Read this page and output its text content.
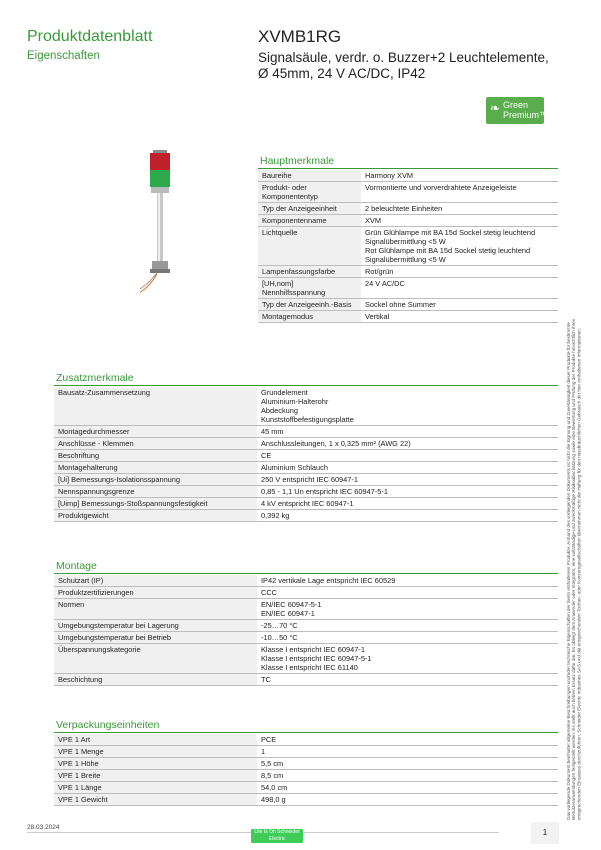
Produktdatenblatt
Eigenschaften
XVMB1RG
Signalsäule, verdr. o. Buzzer+2 Leuchtelemente, Ø 45mm, 24 V AC/DC, IP42
❧ Green
Premium™
Hauptmerkmale
Baureihe	Harmony XVM
Produkt- oder Komponententyp	Vormontierte und vorverdrahtete Anzeigeleiste
Typ der Anzeigeeinheit	2 beleuchtete Einheiten
Komponentenname	XVM
Lichtquelle	Grün Glühlampe mit BA 15d Sockel stetig leuchtend Signalübermittlung <5 W
Rot Glühlampe mit BA 15d Sockel stetig leuchtend Signalübermittlung <5 W
Lampenfassungsfarbe	Rot/grün
[UH,nom] Nennhilfsspannung	24 V AC/DC
Typ der Anzeigeeinh.-Basis	Sockel ohne Summer
Montagemodus	Vertikal
Zusatzmerkmale
Bausatz-Zusammensetzung	Grundelement
Aluminium-Halterohr
Abdeckung
Kunststoffbefestigungsplatte
Montagedurchmesser	45 mm
Anschlüsse - Klemmen	Anschlussleitungen, 1 x 0,325 mm² (AWG 22)
Beschriftung	CE
Montagehalterung	Aluminium Schlauch
[Ui] Bemessungs-Isolationsspannung	250 V entspricht IEC 60947-1
Nennspannungsgrenze	0,85 - 1,1 Un entspricht IEC 60947-5-1
[Uimp] Bemessungs-Stoßspannungsfestigkeit	4 kV entspricht IEC 60947-1
Produktgewicht	0,392 kg
Montage
Schutzart (IP)	IP42 vertikale Lage entspricht IEC 60529
Produktzertifizierungen	CCC
Normen	EN/IEC 60947-5-1
EN/IEC 60947-1
Umgebungstemperatur bei Lagerung	-25…70 °C
Umgebungstemperatur bei Betrieb	-10…50 °C
Überspannungskategorie	Klasse I entspricht IEC 60947-1
Klasse I entspricht IEC 60947-5-1
Klasse I entspricht IEC 61140
Beschichtung	TC
Verpackungseinheiten
VPE 1 Art	PCE
VPE 1 Menge	1
VPE 1 Höhe	5,5 cm
VPE 1 Breite	8,5 cm
VPE 1 Länge	54,0 cm
VPE 1 Gewicht	498,0 g	Das vorliegende Dokument beinhaltet allgemeine Beschreibungen und/oder technische Eigenschaften der hierin enthaltenen Produkte. Anhand des vorliegenden Dokuments ist nicht die Eignung und Zuverlässigkeit dieser Produkte für bestimmte Benutzeranwendungen festgestellt werden. Es stellt auch keinen Ersatz dafür dar. Es obliegt dem Anwender oder Integrator, eine vollständige und zweckmäßige Risikoabschätzung sowie eine Bewertung und Prüfung der Produkte hinsichtlich ihres entsprechenden Einsatzes durchzuführen. Schneider Electric Industries SAS und die entsprechenden Tochter- oder Konzerngesellschaften übernehmen nicht die Haftung für den missbräuchlichen Gebrauch der hier enthaltenen Informationen.
28.03.2024
Life Is On Schneider Electric
1
